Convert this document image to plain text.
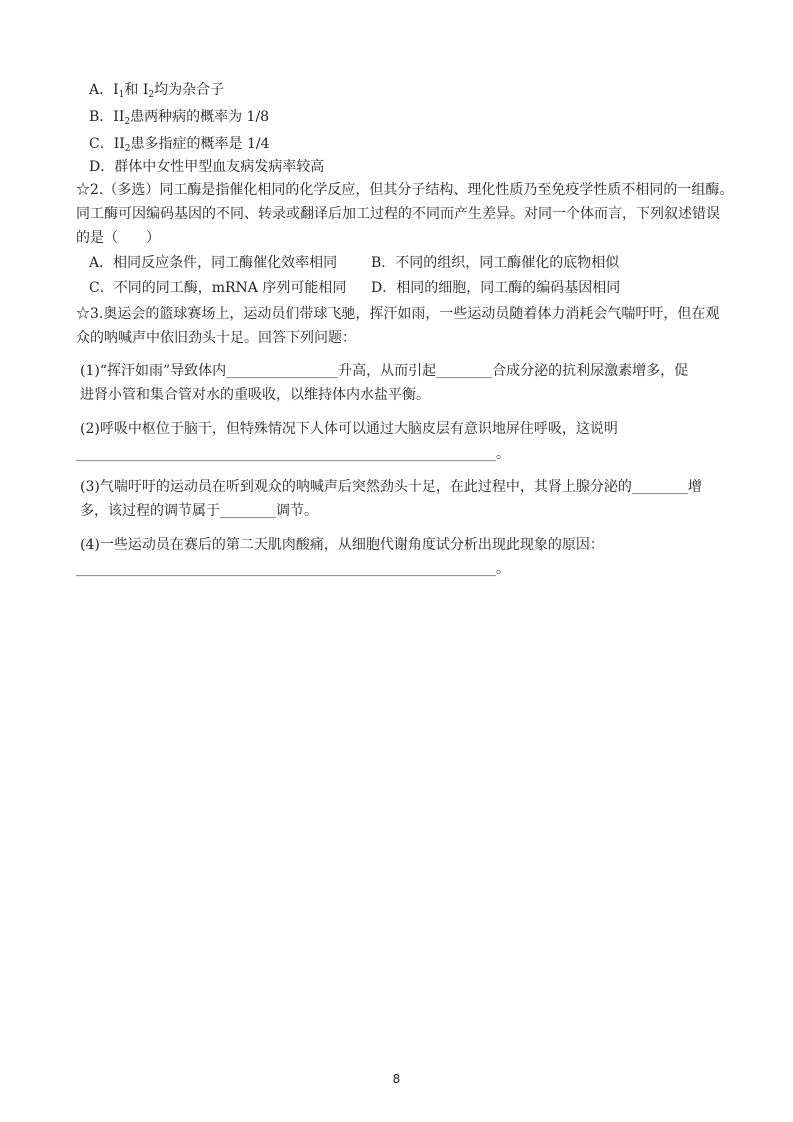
A．$I_1$和 $I_2$均为杂合子
B．$II_2$患两种病的概率为 1/8
C．$II_2$患多指症的概率是 1/4
D．群体中女性甲型血友病发病率较高
☆2.（多选）同工酶是指催化相同的化学反应，但其分子结构、理化性质乃至免疫学性质不相同的一组酶。
同工酶可因编码基因的不同、转录或翻译后加工过程的不同而产生差异。对同一个体而言，下列叙述错误
的是（　　）
A．相同反应条件，同工酶催化效率相同 B．不同的组织，同工酶催化的底物相似
C．不同的同工酶，mRNA 序列可能相同 D．相同的细胞，同工酶的编码基因相同
☆3.奥运会的篮球赛场上，运动员们带球飞驰，挥汗如雨，一些运动员随着体力消耗会气喘吁吁，但在观
众的呐喊声中依旧劲头十足。回答下列问题：
(1)“挥汗如雨”导致体内________________升高，从而引起________合成分泌的抗利尿激素增多，促
进肾小管和集合管对水的重吸收，以维持体内水盐平衡。
(2)呼吸中枢位于脑干，但特殊情况下人体可以通过大脑皮层有意识地屏住呼吸，这说明
____________________________________________________________。
(3)气喘吁吁的运动员在听到观众的呐喊声后突然劲头十足，在此过程中，其肾上腺分泌的________增
多，该过程的调节属于________调节。
(4)一些运动员在赛后的第二天肌肉酸痛，从细胞代谢角度试分析出现此现象的原因：
____________________________________________________________。
8
